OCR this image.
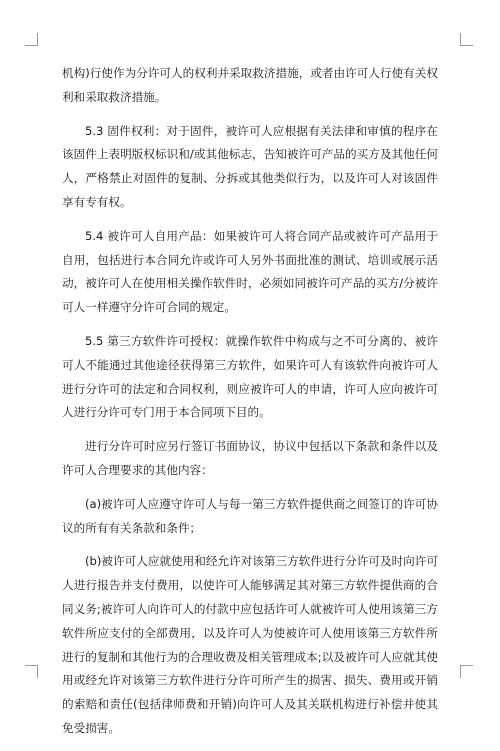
机构)行使作为分许可人的权利并采取救济措施，或者由许可人行使有关权利和采取救济措施。

5.3 固件权利：对于固件，被许可人应根据有关法律和审慎的程序在该固件上表明版权标识和/或其他标志，告知被许可产品的买方及其他任何人，严格禁止对固件的复制、分拆或其他类似行为，以及许可人对该固件享有专有权。

5.4 被许可人自用产品：如果被许可人将合同产品或被许可产品用于自用，包括进行本合同允许或许可人另外书面批准的测试、培训或展示活动，被许可人在使用相关操作软件时，必须如同被许可产品的买方/分被许可人一样遵守分许可合同的规定。

5.5 第三方软件许可授权：就操作软件中构成与之不可分离的、被许可人不能通过其他途径获得第三方软件，如果许可人有该软件向被许可人进行分许可的法定和合同权利，则应被许可人的申请，许可人应向被许可人进行分许可专门用于本合同项下目的。

进行分许可时应另行签订书面协议，协议中包括以下条款和条件以及许可人合理要求的其他内容：

(a)被许可人应遵守许可人与每一第三方软件提供商之间签订的许可协议的所有有关条款和条件；

(b)被许可人应就使用和经允许对该第三方软件进行分许可及时向许可人进行报告并支付费用，以使许可人能够满足其对第三方软件提供商的合同义务;被许可人向许可人的付款中应包括许可人就被许可人使用该第三方软件所应支付的全部费用，以及许可人为使被许可人使用该第三方软件所进行的复制和其他行为的合理收费及相关管理成本;以及被许可人应就其使用或经允许对该第三方软件进行分许可所产生的损害、损失、费用或开销的索赔和责任(包括律师费和开销)向许可人及其关联机构进行补偿并使其免受损害。
